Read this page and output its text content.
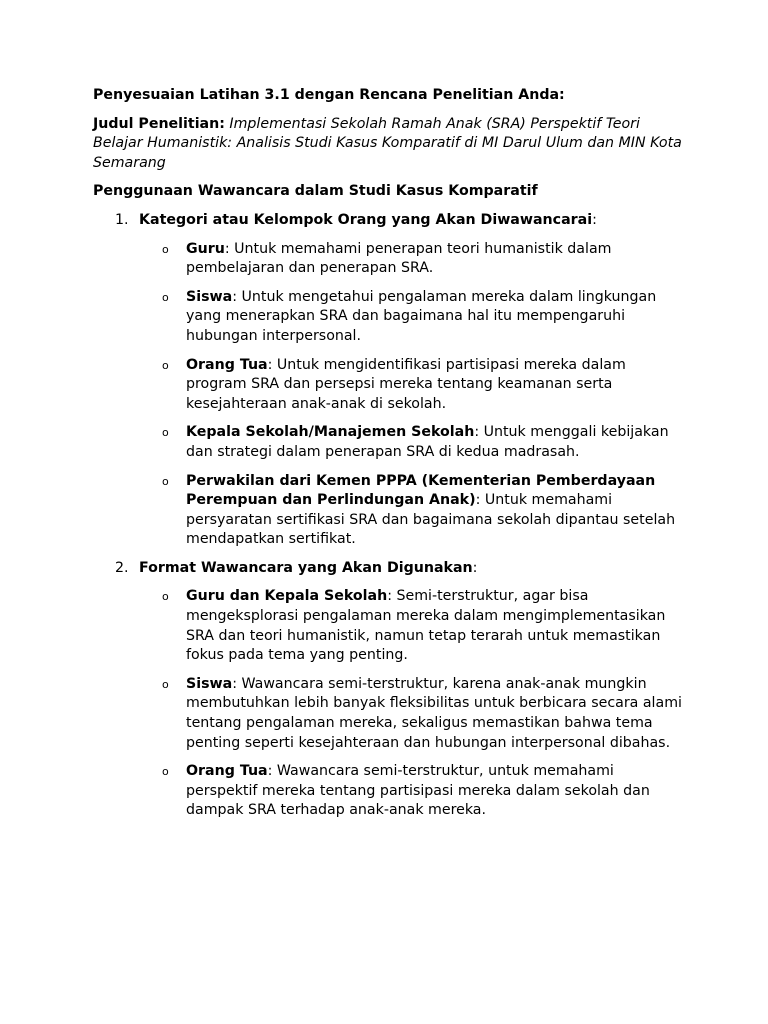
Penyesuaian Latihan 3.1 dengan Rencana Penelitian Anda:

Judul Penelitian: Implementasi Sekolah Ramah Anak (SRA) Perspektif Teori Belajar Humanistik: Analisis Studi Kasus Komparatif di MI Darul Ulum dan MIN Kota Semarang

Penggunaan Wawancara dalam Studi Kasus Komparatif

1. Kategori atau Kelompok Orang yang Akan Diwawancarai:
o Guru: Untuk memahami penerapan teori humanistik dalam pembelajaran dan penerapan SRA.
o Siswa: Untuk mengetahui pengalaman mereka dalam lingkungan yang menerapkan SRA dan bagaimana hal itu mempengaruhi hubungan interpersonal.
o Orang Tua: Untuk mengidentifikasi partisipasi mereka dalam program SRA dan persepsi mereka tentang keamanan serta kesejahteraan anak-anak di sekolah.
o Kepala Sekolah/Manajemen Sekolah: Untuk menggali kebijakan dan strategi dalam penerapan SRA di kedua madrasah.
o Perwakilan dari Kemen PPPA (Kementerian Pemberdayaan Perempuan dan Perlindungan Anak): Untuk memahami persyaratan sertifikasi SRA dan bagaimana sekolah dipantau setelah mendapatkan sertifikat.
2. Format Wawancara yang Akan Digunakan:
o Guru dan Kepala Sekolah: Semi-terstruktur, agar bisa mengeksplorasi pengalaman mereka dalam mengimplementasikan SRA dan teori humanistik, namun tetap terarah untuk memastikan fokus pada tema yang penting.
o Siswa: Wawancara semi-terstruktur, karena anak-anak mungkin membutuhkan lebih banyak fleksibilitas untuk berbicara secara alami tentang pengalaman mereka, sekaligus memastikan bahwa tema penting seperti kesejahteraan dan hubungan interpersonal dibahas.
o Orang Tua: Wawancara semi-terstruktur, untuk memahami perspektif mereka tentang partisipasi mereka dalam sekolah dan dampak SRA terhadap anak-anak mereka.
